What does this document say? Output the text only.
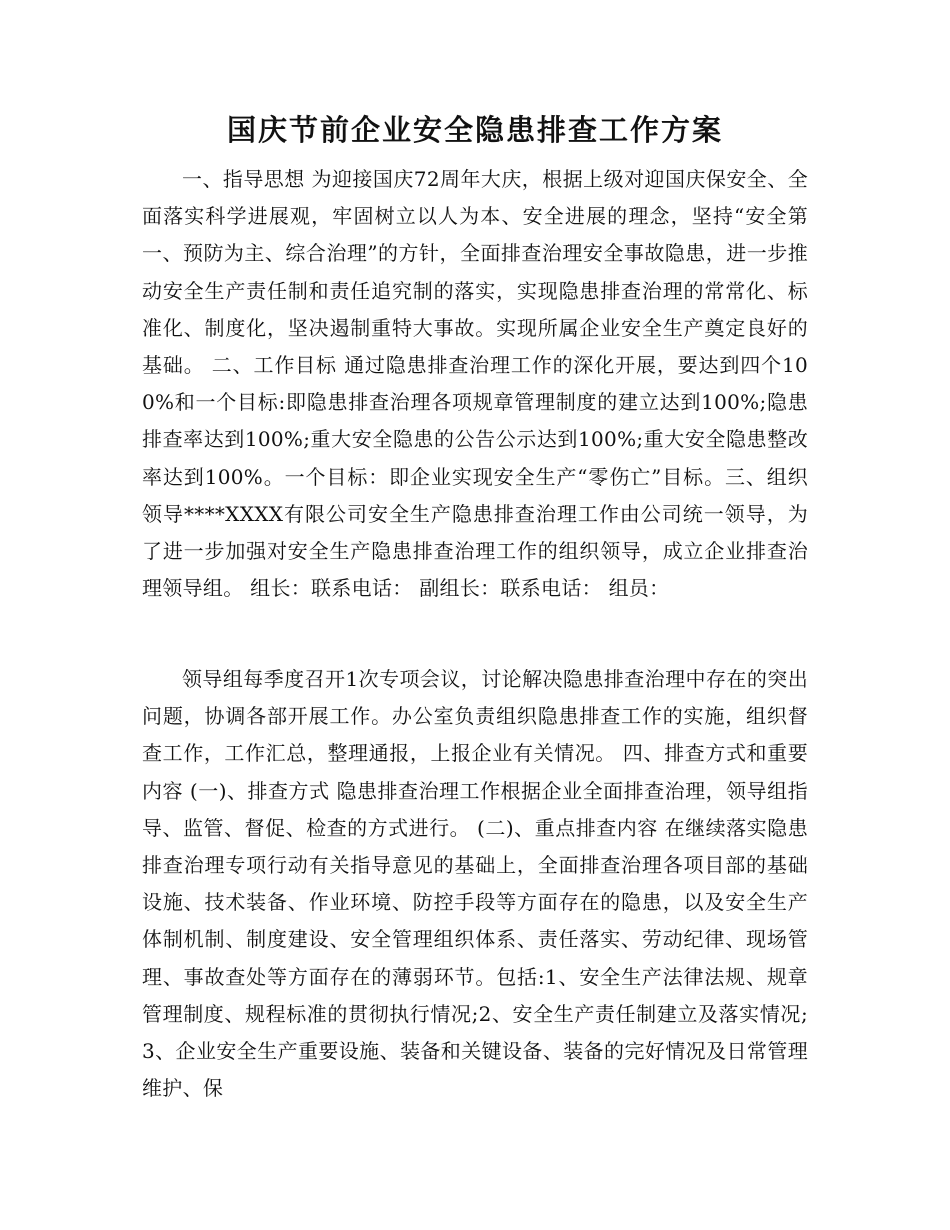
国庆节前企业安全隐患排查工作方案

一、指导思想 为迎接国庆72周年大庆，根据上级对迎国庆保安全、全面落实科学进展观，牢固树立以人为本、安全进展的理念，坚持“安全第一、预防为主、综合治理”的方针，全面排查治理安全事故隐患，进一步推动安全生产责任制和责任追究制的落实，实现隐患排查治理的常常化、标准化、制度化，坚决遏制重特大事故。实现所属企业安全生产奠定良好的基础。 二、工作目标 通过隐患排查治理工作的深化开展，要达到四个100%和一个目标:即隐患排查治理各项规章管理制度的建立达到100%;隐患排查率达到100%;重大安全隐患的公告公示达到100%;重大安全隐患整改率达到100%。一个目标：即企业实现安全生产“零伤亡”目标。三、组织领导****XXXX有限公司安全生产隐患排查治理工作由公司统一领导，为了进一步加强对安全生产隐患排查治理工作的组织领导，成立企业排查治理领导组。 组长：联系电话： 副组长：联系电话： 组员：

领导组每季度召开1次专项会议，讨论解决隐患排查治理中存在的突出问题，协调各部开展工作。办公室负责组织隐患排查工作的实施，组织督查工作，工作汇总，整理通报，上报企业有关情况。 四、排查方式和重要内容 (一)、排查方式 隐患排查治理工作根据企业全面排查治理，领导组指导、监管、督促、检查的方式进行。 (二)、重点排查内容 在继续落实隐患排查治理专项行动有关指导意见的基础上，全面排查治理各项目部的基础设施、技术装备、作业环境、防控手段等方面存在的隐患，以及安全生产体制机制、制度建设、安全管理组织体系、责任落实、劳动纪律、现场管理、事故查处等方面存在的薄弱环节。包括:1、安全生产法律法规、规章管理制度、规程标准的贯彻执行情况;2、安全生产责任制建立及落实情况;3、企业安全生产重要设施、装备和关键设备、装备的完好情况及日常管理维护、保
